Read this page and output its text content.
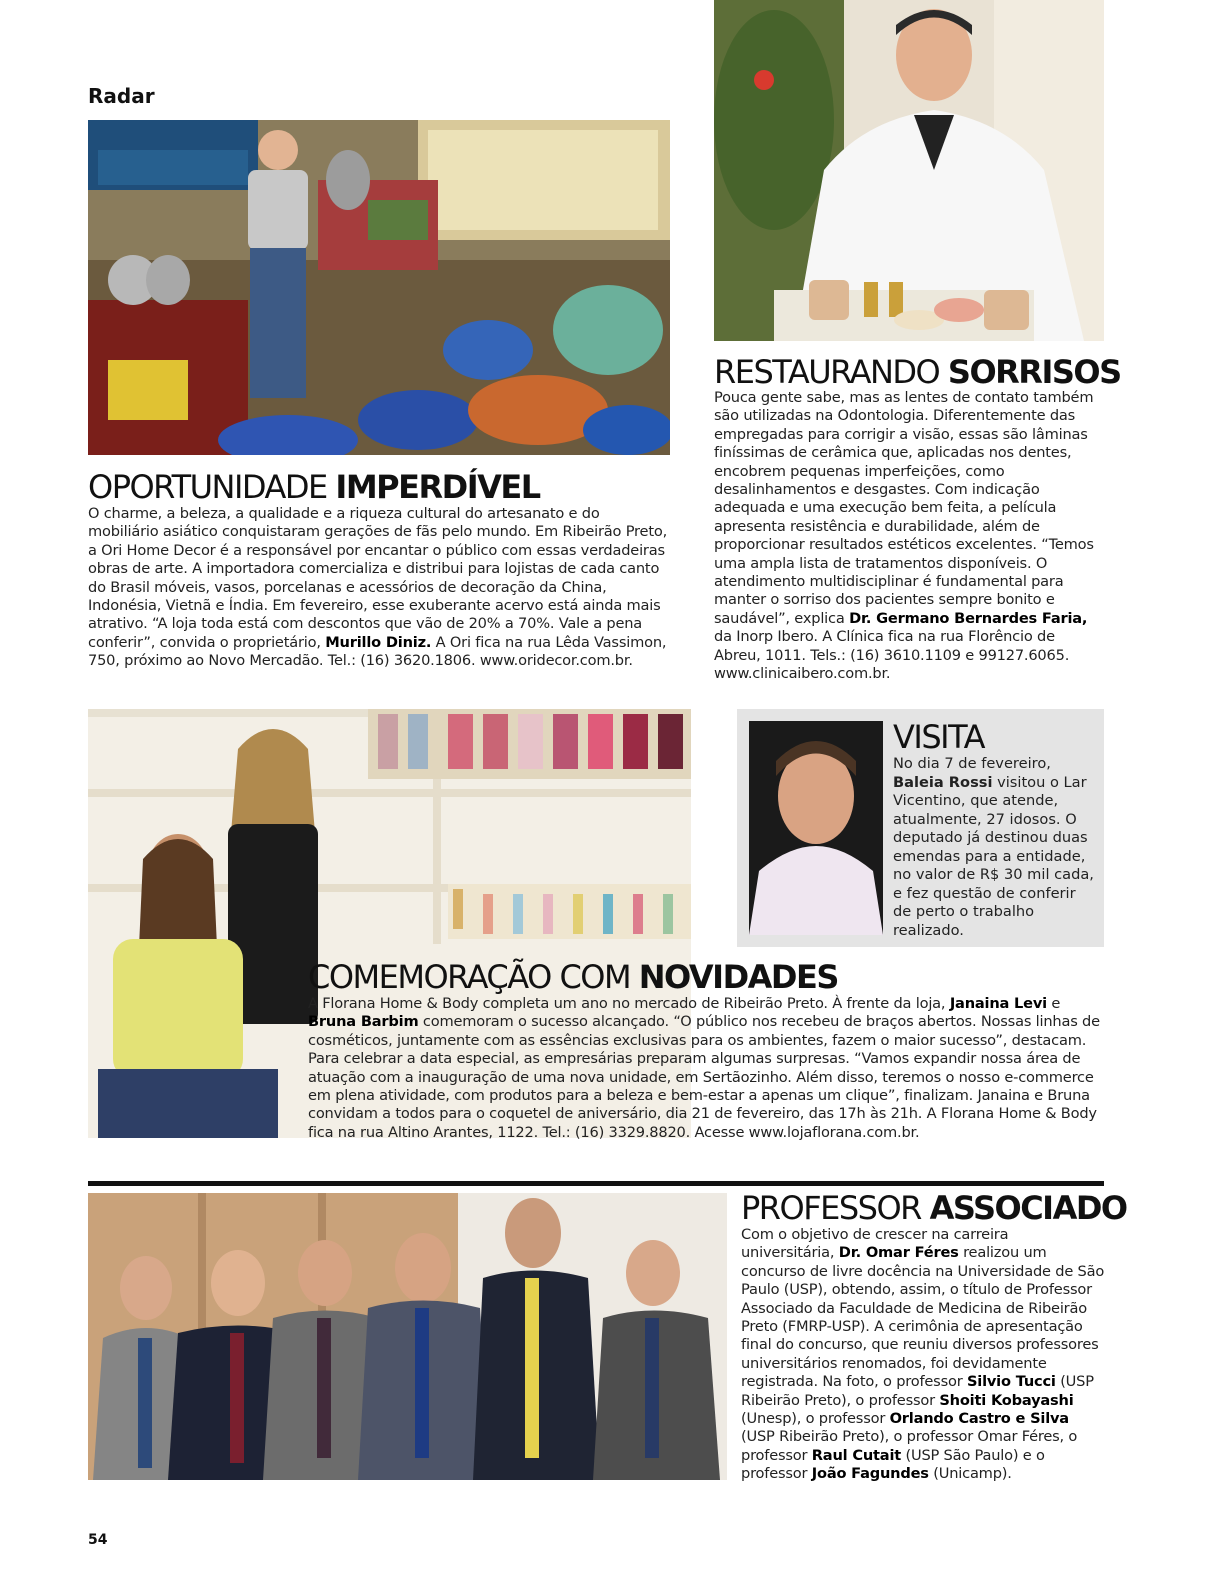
Radar
OPORTUNIDADE IMPERDÍVEL
O charme, a beleza, a qualidade e a riqueza cultural do artesanato e do mobiliário asiático conquistaram gerações de fãs pelo mundo. Em Ribeirão Preto, a Ori Home Decor é a responsável por encantar o público com essas verdadeiras obras de arte. A importadora comercializa e distribui para lojistas de cada canto do Brasil móveis, vasos, porcelanas e acessórios de decoração da China, Indonésia, Vietnã e Índia. Em fevereiro, esse exuberante acervo está ainda mais atrativo. “A loja toda está com descontos que vão de 20% a 70%. Vale a pena conferir”, convida o proprietário, Murillo Diniz. A Ori fica na rua Lêda Vassimon, 750, próximo ao Novo Mercadão. Tel.: (16) 3620.1806. www.oridecor.com.br.
RESTAURANDO SORRISOS
Pouca gente sabe, mas as lentes de contato também são utilizadas na Odontologia. Diferentemente das empregadas para corrigir a visão, essas são lâminas finíssimas de cerâmica que, aplicadas nos dentes, encobrem pequenas imperfeições, como desalinhamentos e desgastes. Com indicação adequada e uma execução bem feita, a película apresenta resistência e durabilidade, além de proporcionar resultados estéticos excelentes. “Temos uma ampla lista de tratamentos disponíveis. O atendimento multidisciplinar é fundamental para manter o sorriso dos pacientes sempre bonito e saudável”, explica Dr. Germano Bernardes Faria, da Inorp Ibero. A Clínica fica na rua Florêncio de Abreu, 1011. Tels.: (16) 3610.1109 e 99127.6065. www.clinicaibero.com.br.
VISITA
No dia 7 de fevereiro, Baleia Rossi visitou o Lar Vicentino, que atende, atualmente, 27 idosos. O deputado já destinou duas emendas para a entidade, no valor de R$ 30 mil cada, e fez questão de conferir de perto o trabalho realizado.
COMEMORAÇÃO COM NOVIDADES
A Florana Home & Body completa um ano no mercado de Ribeirão Preto. À frente da loja, Janaina Levi e Bruna Barbim comemoram o sucesso alcançado. “O público nos recebeu de braços abertos. Nossas linhas de cosméticos, juntamente com as essências exclusivas para os ambientes, fazem o maior sucesso”, destacam. Para celebrar a data especial, as empresárias preparam algumas surpresas. “Vamos expandir nossa área de atuação com a inauguração de uma nova unidade, em Sertãozinho. Além disso, teremos o nosso e-commerce em plena atividade, com produtos para a beleza e bem-estar a apenas um clique”, finalizam. Janaina e Bruna convidam a todos para o coquetel de aniversário, dia 21 de fevereiro, das 17h às 21h. A Florana Home & Body fica na rua Altino Arantes, 1122. Tel.: (16) 3329.8820. Acesse www.lojaflorana.com.br.
PROFESSOR ASSOCIADO
Com o objetivo de crescer na carreira universitária, Dr. Omar Féres realizou um concurso de livre docência na Universidade de São Paulo (USP), obtendo, assim, o título de Professor Associado da Faculdade de Medicina de Ribeirão Preto (FMRP-USP). A cerimônia de apresentação final do concurso, que reuniu diversos professores universitários renomados, foi devidamente registrada. Na foto, o professor Silvio Tucci (USP Ribeirão Preto), o professor Shoiti Kobayashi (Unesp), o professor Orlando Castro e Silva (USP Ribeirão Preto), o professor Omar Féres, o professor Raul Cutait (USP São Paulo) e o professor João Fagundes (Unicamp).
54
